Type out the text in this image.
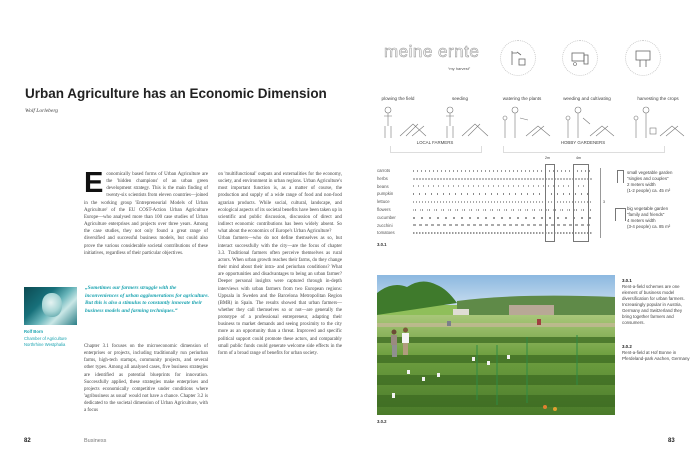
Urban Agriculture has an Economic Dimension
Wolf Lorleberg

Economically based forms of Urban Agriculture are the 'hidden champions' of an urban green development strategy. This is the main finding of twenty-six scientists from eleven countries—joined in the working group 'Entrepreneurial Models of Urban Agriculture' of the EU COST-Action Urban Agriculture Europe—who analysed more than 100 case studies of Urban Agriculture enterprises and projects over three years. Among the case studies, they not only found a great range of diversified and successful business models, but could also prove the various considerable societal contributions of these initiatives, regardless of their particular objectives.

Chapter 3.1 focuses on the microeconomic dimension of enterprises or projects, including traditionally run periurban farms, high-tech startups, community projects, and several other types. Among all analysed cases, five business strategies are identified as potential blueprints for innovation. Successfully applied, these strategies make enterprises and projects economically competitive under conditions where 'agribusiness as usual' would not have a chance. Chapter 3.2 is dedicated to the societal dimension of Urban Agriculture, with a focus

on 'multifunctional' outputs and externalities for the economy, society, and environment in urban regions. Urban Agriculture's most important function is, as a matter of course, the production and supply of a wide range of food and non-food agrarian products. While social, cultural, landscape, and ecological aspects of its societal benefits have been taken up in scientific and public discussion, discussion of direct and indirect economic contributions has been widely absent. So what about the economics of Europe's Urban Agriculture?

Urban farmers—who do not define themselves as so, but interact successfully with the city—are the focus of chapter 3.3. Traditional farmers often perceive themselves as rural actors. When urban growth reaches their farms, do they change their mind about their intra- and periurban conditions? What are opportunities and disadvantages to being an urban farmer? Deeper personal insights were captured through in-depth interviews with urban farmers from two European regions: Uppsala in Sweden and the Barcelona Metropolitan Region (BMR) in Spain. The results showed that urban farmers—whether they call themselves so or not—are generally the prototype of a professional entrepreneur, adapting their business to market demands and seeing proximity to the city more as an opportunity than a threat. Improved and specific political support could promote these actors, and comparably small public funds could generate welcome side effects in the form of a broad range of benefits for urban society.

Rolf Born
Chamber of Agriculture Northrhine Westphalia
„Sometimes our farmers struggle with the inconveniences of urban agglomerations for agriculture. But this is also a stimulus to constantly innovate their business models and farming techniques.“
82	Business
meine ernte
“my harvest”
plowing the field	seeding	watering the plants	weeding and cultivating	harvesting the crops
LOCAL FARMERS	HOBBY GARDENERS
carrots
herbs
beans
pumpkin
lettuce
flowers
cucumber
zucchini
tomatoes
2m	4m
3
small vegetable garden
“singles and couples”
2 meters width
(1-2 people) ca. 45 m²
big vegetable garden
“family and friends”
4 meters width
(3-4 people) ca. 85 m²
3.0.1
3.0.2
3.0.1
Rent-a-field schemes are one element of business model diversification for urban farmers. Increasingly popular in Austria, Germany and Switzerland they bring together farmers and consumers.
3.0.2
Rent-a-field at Hof Bonne in Pferdeland-park Aachen, Germany
83
